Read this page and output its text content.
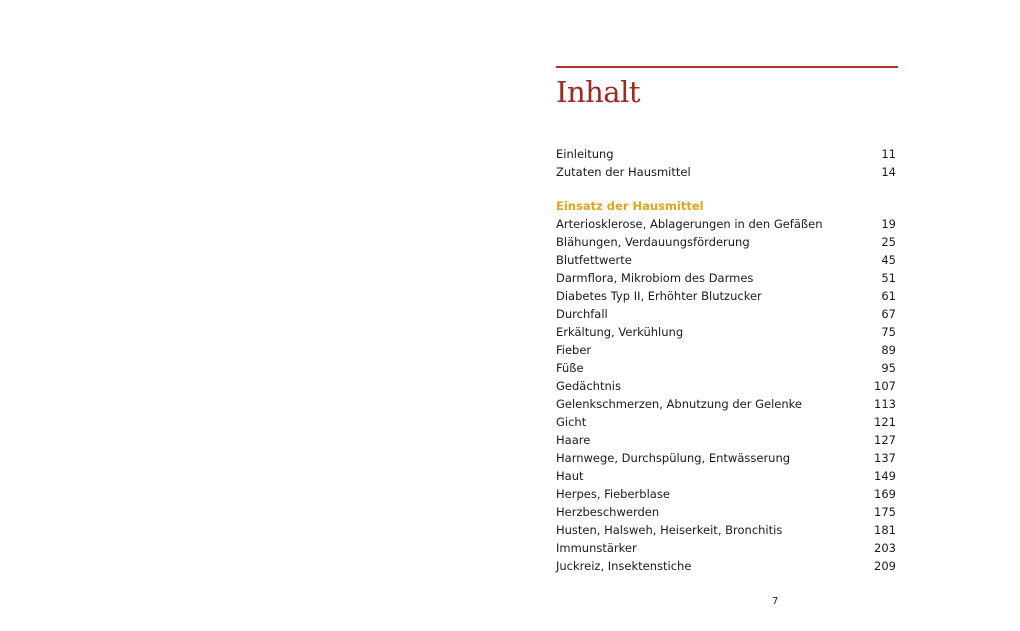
Inhalt
Einleitung	11
Zutaten der Hausmittel	14
Einsatz der Hausmittel
Arteriosklerose, Ablagerungen in den Gefäßen	19
Blähungen, Verdauungsförderung	25
Blutfettwerte	45
Darmflora, Mikrobiom des Darmes	51
Diabetes Typ II, Erhöhter Blutzucker	61
Durchfall	67
Erkältung, Verkühlung	75
Fieber	89
Füße	95
Gedächtnis	107
Gelenkschmerzen, Abnutzung der Gelenke	113
Gicht	121
Haare	127
Harnwege, Durchspülung, Entwässerung	137
Haut	149
Herpes, Fieberblase	169
Herzbeschwerden	175
Husten, Halsweh, Heiserkeit, Bronchitis	181
Immunstärker	203
Juckreiz, Insektenstiche	209
7
